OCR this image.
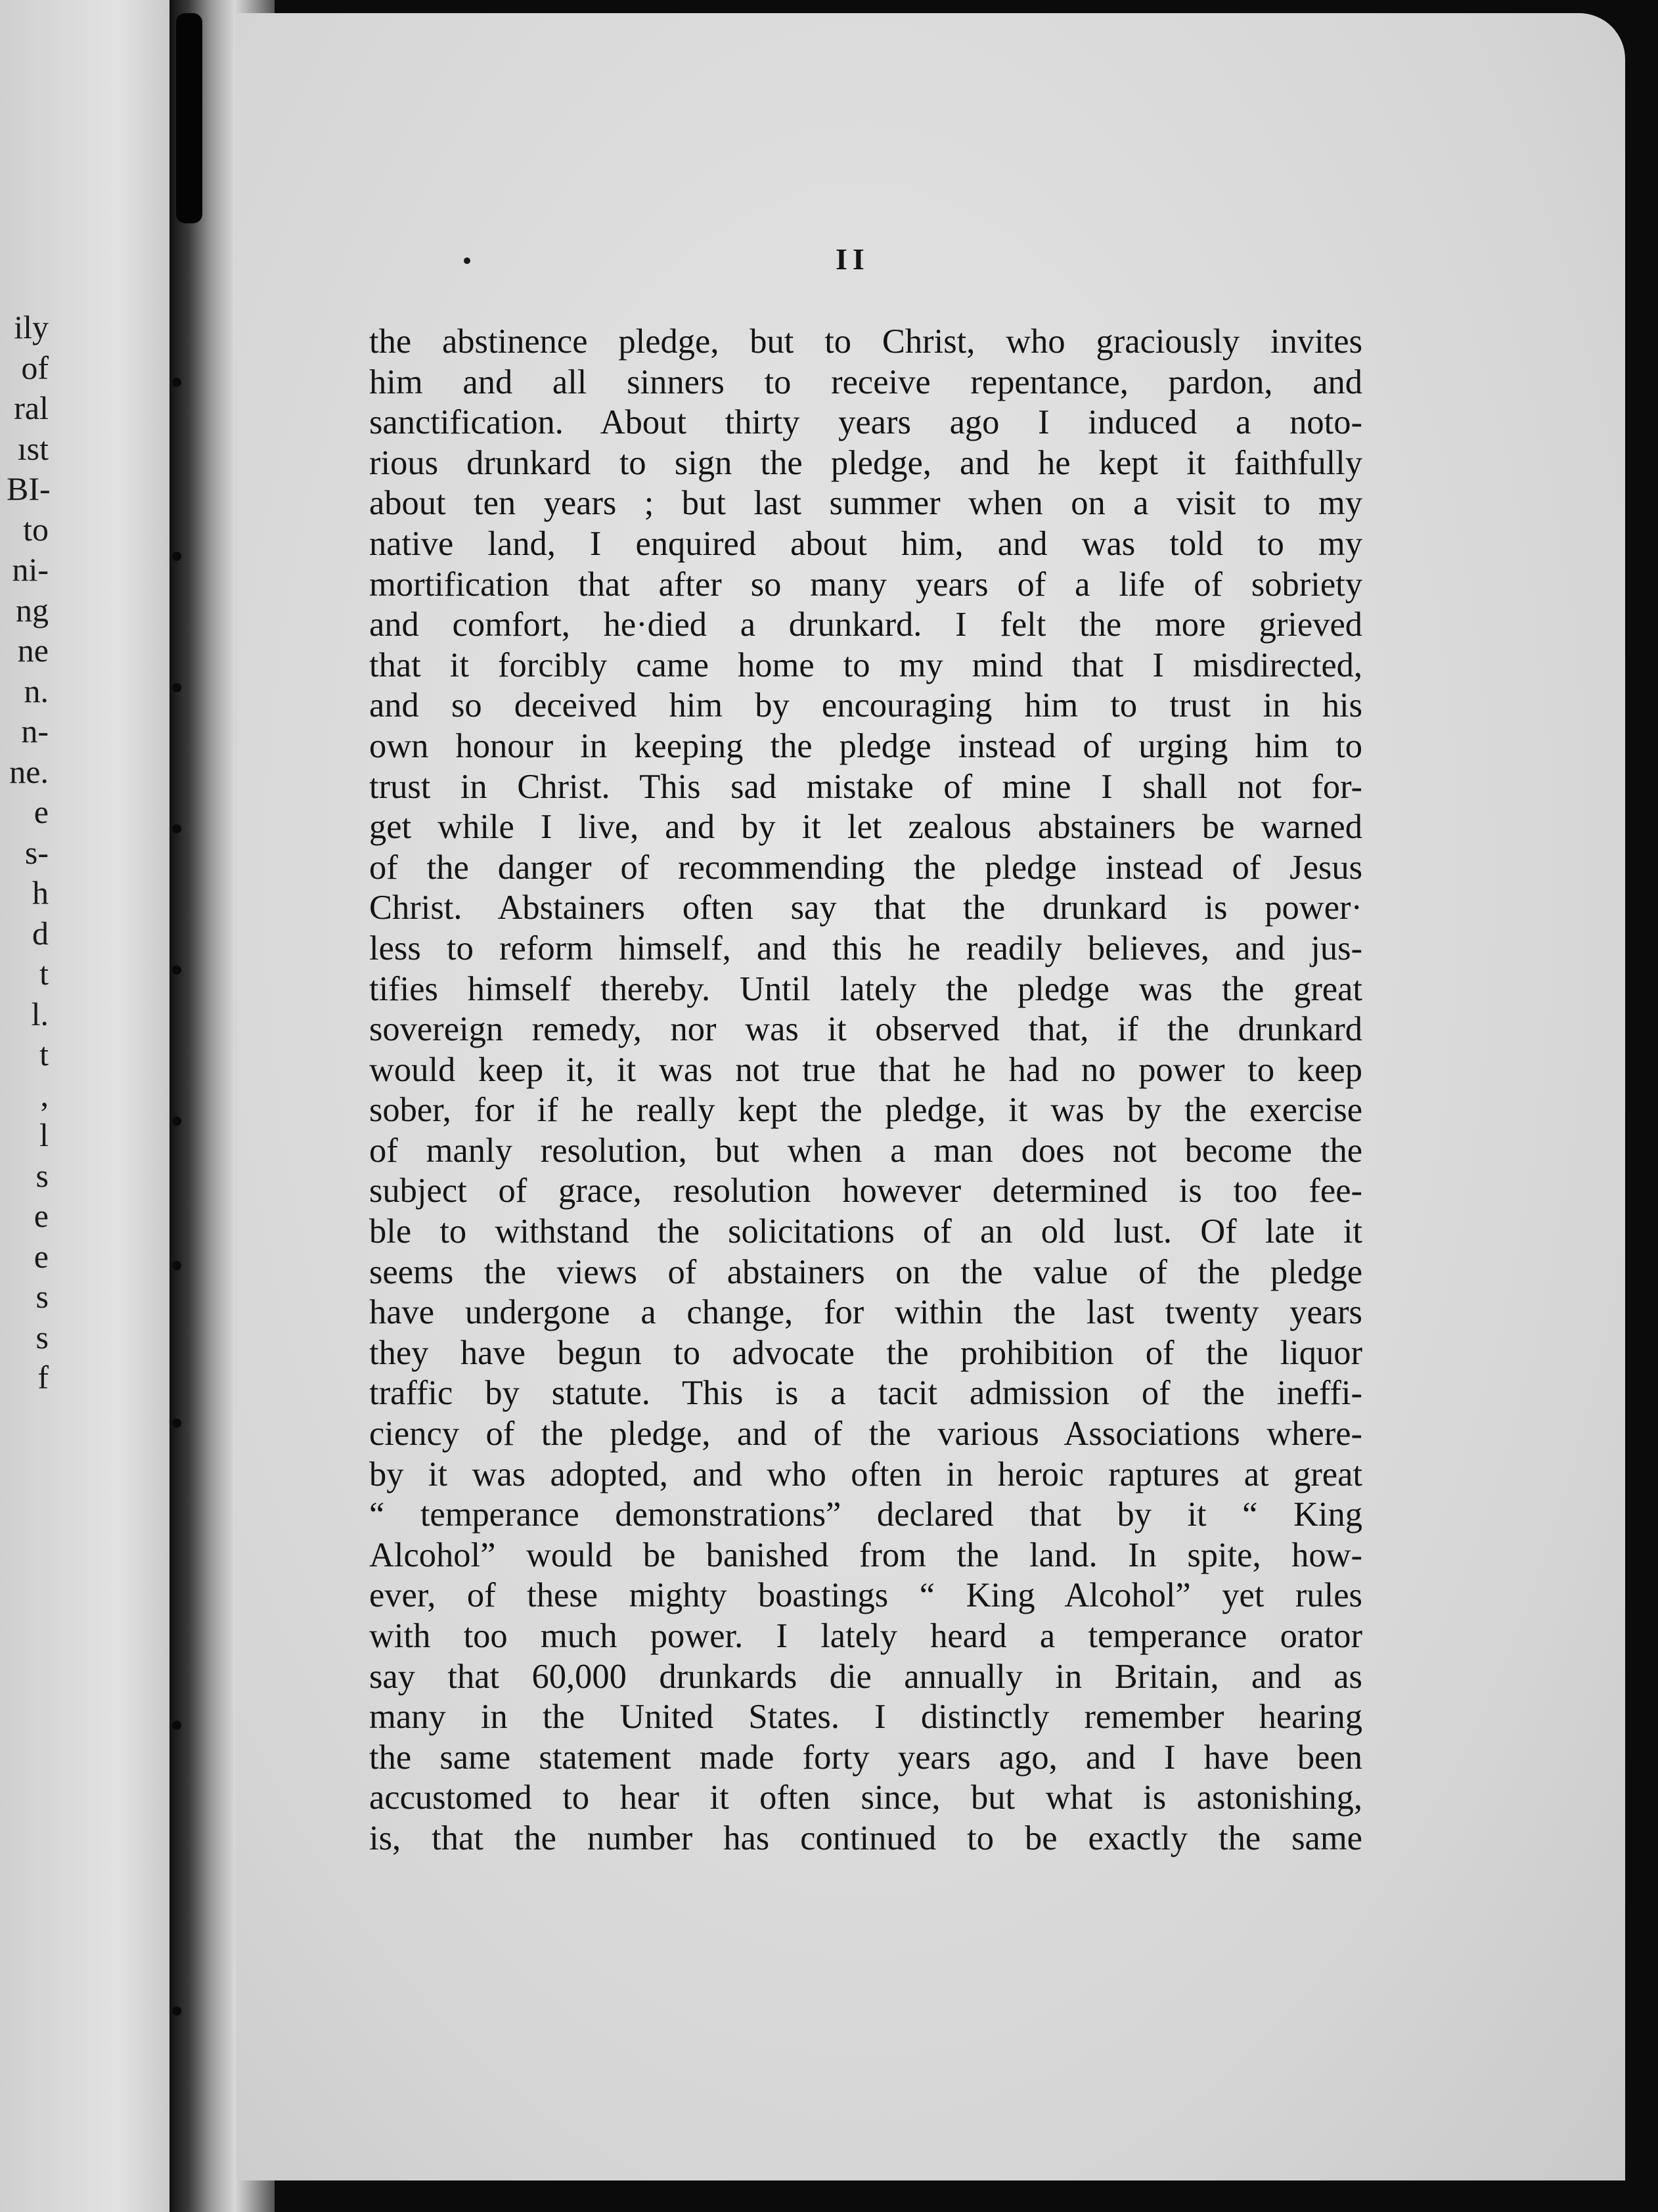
ily
of
ral
ıst
BI-
to
ni-
ng
ne
n.
n-
ne.
e
s-
h
d
t
l.
t
,
l
s
e
e
s
s
f

II

the abstinence pledge, but to Christ, who graciously invites
him and all sinners to receive repentance, pardon, and
sanctification. About thirty years ago I induced a noto-
rious drunkard to sign the pledge, and he kept it faithfully
about ten years ; but last summer when on a visit to my
native land, I enquired about him, and was told to my
mortification that after so many years of a life of sobriety
and comfort, he·died a drunkard. I felt the more grieved
that it forcibly came home to my mind that I misdirected,
and so deceived him by encouraging him to trust in his
own honour in keeping the pledge instead of urging him to
trust in Christ. This sad mistake of mine I shall not for-
get while I live, and by it let zealous abstainers be warned
of the danger of recommending the pledge instead of Jesus
Christ. Abstainers often say that the drunkard is power·
less to reform himself, and this he readily believes, and jus-
tifies himself thereby. Until lately the pledge was the great
sovereign remedy, nor was it observed that, if the drunkard
would keep it, it was not true that he had no power to keep
sober, for if he really kept the pledge, it was by the exercise
of manly resolution, but when a man does not become the
subject of grace, resolution however determined is too fee-
ble to withstand the solicitations of an old lust. Of late it
seems the views of abstainers on the value of the pledge
have undergone a change, for within the last twenty years
they have begun to advocate the prohibition of the liquor
traffic by statute. This is a tacit admission of the ineffi-
ciency of the pledge, and of the various Associations where-
by it was adopted, and who often in heroic raptures at great
“ temperance demonstrations” declared that by it “ King
Alcohol” would be banished from the land. In spite, how-
ever, of these mighty boastings “ King Alcohol” yet rules
with too much power. I lately heard a temperance orator
say that 60,000 drunkards die annually in Britain, and as
many in the United States. I distinctly remember hearing
the same statement made forty years ago, and I have been
accustomed to hear it often since, but what is astonishing,
is, that the number has continued to be exactly the same
